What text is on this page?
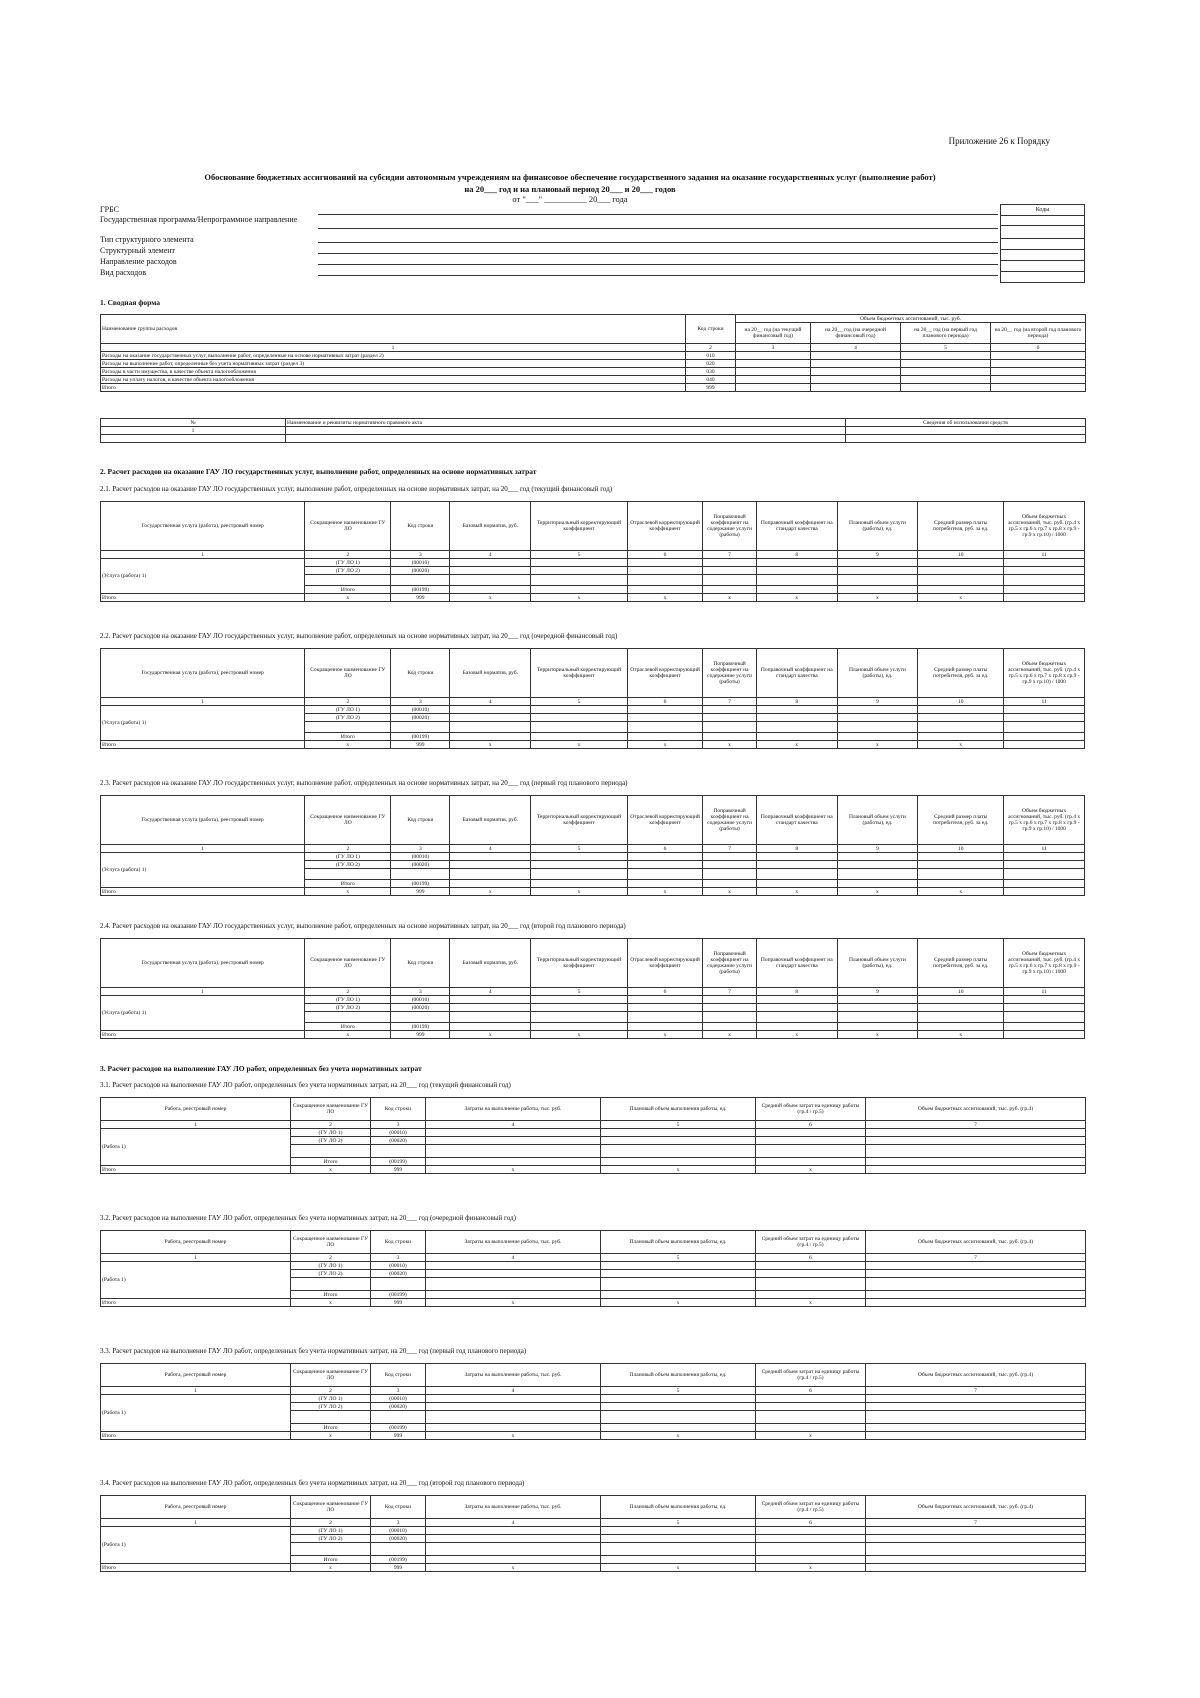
Приложение 26 к Порядку
Обоснование бюджетных ассигнований на субсидии автономным учреждениям на финансовое обеспечение государственного задания на оказание государственных услуг (выполнение работ)
на 20___ год и на плановый период 20___ и 20___ годов
от "___" __________ 20___ года
ГРБС
Государственная программа/Непрограммное направление
Тип структурного элемента
Структурный элемент
Направление расходов
Вид расходов
Коды

1. Сводная форма
Наименование группы расходов	Код строки	Объем бюджетных ассигнований, тыс. руб.			
		на 20__ год (на текущий финансовый год)	на 20__ год (на очередной финансовый год)	на 20__ год (на первый год планового периода)	на 20__ год (на второй год планового периода)
1	2	3	4	5	6
Расходы на оказание государственных услуг, выполнение работ, определенные на основе нормативных затрат (раздел 2)	010				
Расходы на выполнение работ, определенные без учета нормативных затрат (раздел 3)	020				
Расходы в части имущества, в качестве объекта налогообложения	030				
Расходы на уплату налогов, в качестве объекта налогообложения	040				
Итого	999				
№	Наименование и реквизиты нормативного правового акта	Сведения об использовании средств
1		

2. Расчет расходов на оказание ГАУ ЛО государственных услуг, выполнение работ, определенных на основе нормативных затрат
2.1. Расчет расходов на оказание ГАУ ЛО государственных услуг, выполнение работ, определенных на основе нормативных затрат, на 20___ год (текущий финансовый год)
Государственная услуга (работа), реестровый номер	Сокращенное наименование ГУ ЛО	Код строки	Базовый норматив, руб.	Территориальный корректирующий коэффициент	Отраслевой корректирующий коэффициент	Поправочный коэффициент на содержание услуги (работы)	Поправочный коэффициент на стандарт качества	Плановый объем услуги (работы), ед.	Средний размер платы потребителя, руб. за ед.	Объем бюджетных ассигнований, тыс. руб. (гр.4 x гр.5 x гр.6 x гр.7 x гр.8 x гр.9 - гр.9 x гр.10) / 1000
1	2	3	4	5	6	7	8	9	10	11
(Услуга (работа) 1)	(ГУ ЛО 1)	(00010)								
	(ГУ ЛО 2)	(00020)								

	Итого	(00199)								
Итого	x	999	x	x	x	x	x	x	x	
2.2. Расчет расходов на оказание ГАУ ЛО государственных услуг, выполнение работ, определенных на основе нормативных затрат, на 20___ год (очередной финансовый год)
Государственная услуга (работа), реестровый номер	Сокращенное наименование ГУ ЛО	Код строки	Базовый норматив, руб.	Территориальный корректирующий коэффициент	Отраслевой корректирующий коэффициент	Поправочный коэффициент на содержание услуги (работы)	Поправочный коэффициент на стандарт качества	Плановый объем услуги (работы), ед.	Средний размер платы потребителя, руб. за ед.	Объем бюджетных ассигнований, тыс. руб. (гр.4 x гр.5 x гр.6 x гр.7 x гр.8 x гр.9 - гр.9 x гр.10) / 1000
1	2	3	4	5	6	7	8	9	10	11
(Услуга (работа) 1)	(ГУ ЛО 1)	(00010)								
	(ГУ ЛО 2)	(00020)								

	Итого	(00199)								
Итого	x	999	x	x	x	x	x	x	x	
2.3. Расчет расходов на оказание ГАУ ЛО государственных услуг, выполнение работ, определенных на основе нормативных затрат, на 20___ год (первый год планового периода)
Государственная услуга (работа), реестровый номер	Сокращенное наименование ГУ ЛО	Код строки	Базовый норматив, руб.	Территориальный корректирующий коэффициент	Отраслевой корректирующий коэффициент	Поправочный коэффициент на содержание услуги (работы)	Поправочный коэффициент на стандарт качества	Плановый объем услуги (работы), ед.	Средний размер платы потребителя, руб. за ед.	Объем бюджетных ассигнований, тыс. руб. (гр.4 x гр.5 x гр.6 x гр.7 x гр.8 x гр.9 - гр.9 x гр.10) / 1000
1	2	3	4	5	6	7	8	9	10	11
(Услуга (работа) 1)	(ГУ ЛО 1)	(00010)								
	(ГУ ЛО 2)	(00020)								

	Итого	(00199)								
Итого	x	999	x	x	x	x	x	x	x	
2.4. Расчет расходов на оказание ГАУ ЛО государственных услуг, выполнение работ, определенных на основе нормативных затрат, на 20___ год (второй год планового периода)
Государственная услуга (работа), реестровый номер	Сокращенное наименование ГУ ЛО	Код строки	Базовый норматив, руб.	Территориальный корректирующий коэффициент	Отраслевой корректирующий коэффициент	Поправочный коэффициент на содержание услуги (работы)	Поправочный коэффициент на стандарт качества	Плановый объем услуги (работы), ед.	Средний размер платы потребителя, руб. за ед.	Объем бюджетных ассигнований, тыс. руб. (гр.4 x гр.5 x гр.6 x гр.7 x гр.8 x гр.9 - гр.9 x гр.10) / 1000
1	2	3	4	5	6	7	8	9	10	11
(Услуга (работа) 1)	(ГУ ЛО 1)	(00010)								
	(ГУ ЛО 2)	(00020)								

	Итого	(00199)								
Итого	x	999	x	x	x	x	x	x	x	
3. Расчет расходов на выполнение ГАУ ЛО работ, определенных без учета нормативных затрат
3.1. Расчет расходов на выполнение ГАУ ЛО работ, определенных без учета нормативных затрат, на 20___ год (текущий финансовый год)
Работа, реестровый номер	Сокращенное наименование ГУ ЛО	Код строки	Затраты на выполнение работы, тыс. руб.	Плановый объем выполнения работы, ед.	Средний объем затрат на единицу работы (гр.4 / гр.5)	Объем бюджетных ассигнований, тыс. руб. (гр.4)
1	2	3	4	5	6	7
(Работа 1)	(ГУ ЛО 1)	(00010)				
	(ГУ ЛО 2)	(00020)				

	Итого	(00199)				
Итого	x	999	x	x	x	
3.2. Расчет расходов на выполнение ГАУ ЛО работ, определенных без учета нормативных затрат, на 20___ год (очередной финансовый год)
Работа, реестровый номер	Сокращенное наименование ГУ ЛО	Код строки	Затраты на выполнение работы, тыс. руб.	Плановый объем выполнения работы, ед.	Средний объем затрат на единицу работы (гр.4 / гр.5)	Объем бюджетных ассигнований, тыс. руб. (гр.4)
1	2	3	4	5	6	7
(Работа 1)	(ГУ ЛО 1)	(00010)				
	(ГУ ЛО 2)	(00020)				

	Итого	(00199)				
Итого	x	999	x	x	x	
3.3. Расчет расходов на выполнение ГАУ ЛО работ, определенных без учета нормативных затрат, на 20___ год (первый год планового периода)
Работа, реестровый номер	Сокращенное наименование ГУ ЛО	Код строки	Затраты на выполнение работы, тыс. руб.	Плановый объем выполнения работы, ед.	Средний объем затрат на единицу работы (гр.4 / гр.5)	Объем бюджетных ассигнований, тыс. руб. (гр.4)
1	2	3	4	5	6	7
(Работа 1)	(ГУ ЛО 1)	(00010)				
	(ГУ ЛО 2)	(00020)				

	Итого	(00199)				
Итого	x	999	x	x	x	
3.4. Расчет расходов на выполнение ГАУ ЛО работ, определенных без учета нормативных затрат, на 20___ год (второй год планового периода)
Работа, реестровый номер	Сокращенное наименование ГУ ЛО	Код строки	Затраты на выполнение работы, тыс. руб.	Плановый объем выполнения работы, ед.	Средний объем затрат на единицу работы (гр.4 / гр.5)	Объем бюджетных ассигнований, тыс. руб. (гр.4)
1	2	3	4	5	6	7
(Работа 1)	(ГУ ЛО 1)	(00010)				
	(ГУ ЛО 2)	(00020)				

	Итого	(00199)				
Итого	x	999	x	x	x	
